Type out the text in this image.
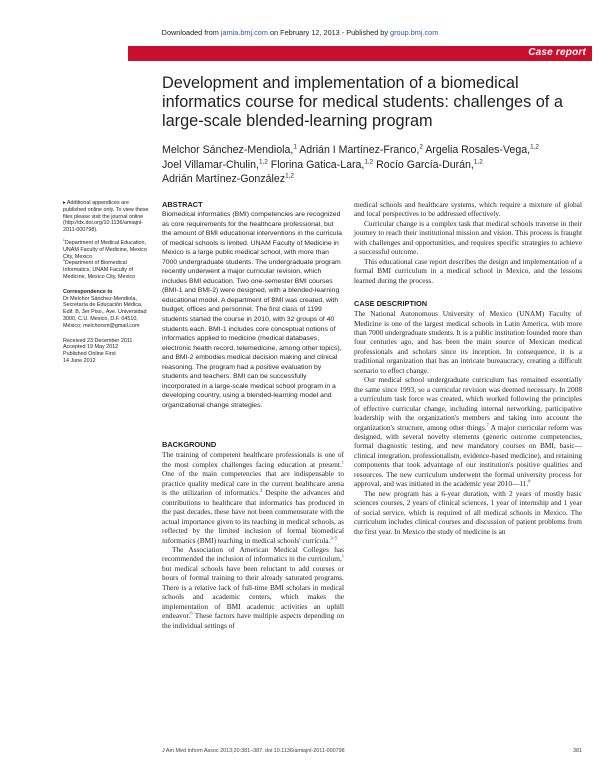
Downloaded from jamia.bmj.com on February 12, 2013 - Published by group.bmj.com
Case report
Development and implementation of a biomedical informatics course for medical students: challenges of a large-scale blended-learning program
Melchor Sánchez-Mendiola,$^1$ Adrián I Martínez-Franco,$^2$ Argelia Rosales-Vega,$^{1,2}$
Joel Villamar-Chulin,$^{1,2}$ Florina Gatica-Lara,$^{1,2}$ Rocío García-Durán,$^{1,2}$
Adrián Martínez-González$^{1,2}$

▸ Additional appendices are published online only. To view these files please visit the journal online (http://dx.doi.org/10.1136/amiajnl-2011-000798).

$^1$Department of Medical Education, UNAM Faculty of Medicine, Mexico City, Mexico

$^2$Department of Biomedical Informatics, UNAM Faculty of Medicine, Mexico City, Mexico

Correspondence to

Dr Melchor Sánchez-Mendiola, Secretaría de Educación Médica, Edif. B, 3er Piso., Ave. Universidad 3000, C.U. Mexico, D.F. 04510, México; melchorsm@gmail.com

Received 23 December 2011

Accepted 19 May 2012

Published Online First

14 June 2012

ABSTRACT

Biomedical informatics (BMI) competencies are recognized as core requirements for the healthcare professional, but the amount of BMI educational interventions in the curricula of medical schools is limited. UNAM Faculty of Medicine in Mexico is a large public medical school, with more than 7000 undergraduate students. The undergraduate program recently underwent a major curricular revision, which includes BMI education. Two one-semester BMI courses (BMI-1 and BMI-2) were designed, with a blended-learning educational model. A department of BMI was created, with budget, offices and personnel. The first class of 1199 students started the course in 2010, with 32 groups of 40 students each. BMI-1 includes core conceptual notions of informatics applied to medicine (medical databases, electronic health record, telemedicine, among other topics), and BMI-2 embodies medical decision making and clinical reasoning. The program had a positive evaluation by students and teachers. BMI can be successfully incorporated in a large-scale medical school program in a developing country, using a blended-learning model and organizational change strategies.

BACKGROUND

The training of competent healthcare professionals is one of the most complex challenges facing education at present.$^1$ One of the main competencies that are indispensable to practice quality medical care in the current healthcare arena is the utilization of informatics.$^2$ Despite the advances and contributions to healthcare that informatics has produced in the past decades, these have not been commensurate with the actual importance given to its teaching in medical schools, as reflected by the limited inclusion of formal biomedical informatics (BMI) teaching in medical schools' curricula.$^{3-5}$

The Association of American Medical Colleges has recommended the inclusion of informatics in the curriculum,$^1$ but medical schools have been reluctant to add courses or hours of formal training to their already saturated programs. There is a relative lack of full-time BMI scholars in medical schools and academic centers, which makes the implementation of BMI academic activities an uphill endeavor.$^6$ These factors have multiple aspects depending on the individual settings of

medical schools and healthcare systems, which require a mixture of global and local perspectives to be addressed effectively.

Curricular change is a complex task that medical schools traverse in their journey to reach their institutional mission and vision. This process is fraught with challenges and opportunities, and requires specific strategies to achieve a successful outcome.

This educational case report describes the design and implementation of a formal BMI curriculum in a medical school in Mexico, and the lessons learned during the process.

CASE DESCRIPTION

The National Autonomous University of Mexico (UNAM) Faculty of Medicine is one of the largest medical schools in Latin America, with more than 7000 undergraduate students. It is a public institution founded more than four centuries ago, and has been the main source of Mexican medical professionals and scholars since its inception. In consequence, it is a traditional organization that has an intricate bureaucracy, creating a difficult scenario to effect change.

Our medical school undergraduate curriculum has remained essentially the same since 1993, so a curricular revision was deemed necessary. In 2008 a curriculum task force was created, which worked following the principles of effective curricular change, including internal networking, participative leadership with the organization's members and taking into account the organization's structure, among other things.$^7$ A major curricular reform was designed, with several novelty elements (generic outcome competencies, formal diagnostic testing, and new mandatory courses on BMI, basic—clinical integration, professionalism, evidence-based medicine), and retaining components that took advantage of our institution's positive qualities and resources. The new curriculum underwent the formal university process for approval, and was initiated in the academic year 2010—11.$^8$

The new program has a 6-year duration, with 2 years of mostly basic sciences courses, 2 years of clinical sciences, 1 year of internship and 1 year of social service, which is required of all medical schools in Mexico. The curriculum includes clinical courses and discussion of patient problems from the first year. In Mexico the study of medicine is an

J Am Med Inform Assoc 2013;20:381–387. doi:10.1136/amiajnl-2011-000798	381
